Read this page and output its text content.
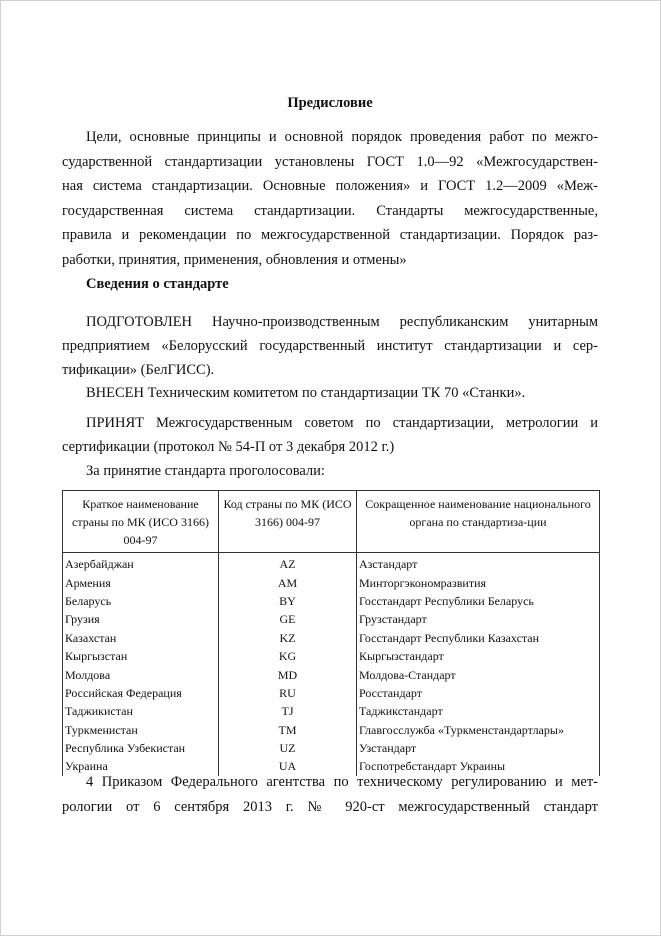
Предисловие
Цели, основные принципы и основной порядок проведения работ по межго-
сударственной стандартизации установлены ГОСТ 1.0—92 «Межгосударствен-
ная система стандартизации. Основные положения» и ГОСТ 1.2—2009 «Меж-
государственная система стандартизации. Стандарты межгосударственные,
правила и рекомендации по межгосударственной стандартизации. Порядок раз-
работки, принятия, применения, обновления и отмены»
Сведения о стандарте
ПОДГОТОВЛЕН Научно-производственным республиканским унитарным
предприятием «Белорусский государственный институт стандартизации и сер-
тификации» (БелГИСС).
ВНЕСЕН Техническим комитетом по стандартизации ТК 70 «Станки».
ПРИНЯТ Межгосударственным советом по стандартизации, метрологии и
сертификации (протокол № 54-П от 3 декабря 2012 г.)
За принятие стандарта проголосовали:
Краткое наименование страны по МК (ИСО 3166) 004-97	Код страны по МК (ИСО 3166) 004-97	Сокращенное наименование национального органа по стандартиза-ции
Азербайджан	AZ	Азстандарт
Армения	AM	Минторгэкономразвития
Беларусь	BY	Госстандарт Республики Беларусь
Грузия	GE	Грузстандарт
Казахстан	KZ	Госстандарт Республики Казахстан
Кыргызстан	KG	Кыргызстандарт
Молдова	MD	Молдова-Стандарт
Российская Федерация	RU	Росстандарт
Таджикистан	TJ	Таджикстандарт
Туркменистан	TM	Главгосслужба «Туркменстандартлары»
Республика Узбекистан	UZ	Узстандарт
Украина	UA	Госпотребстандарт Украины
4 Приказом Федерального агентства по техническому регулированию и мет-
рологии от 6 сентября 2013 г. № 920-ст межгосударственный стандарт
